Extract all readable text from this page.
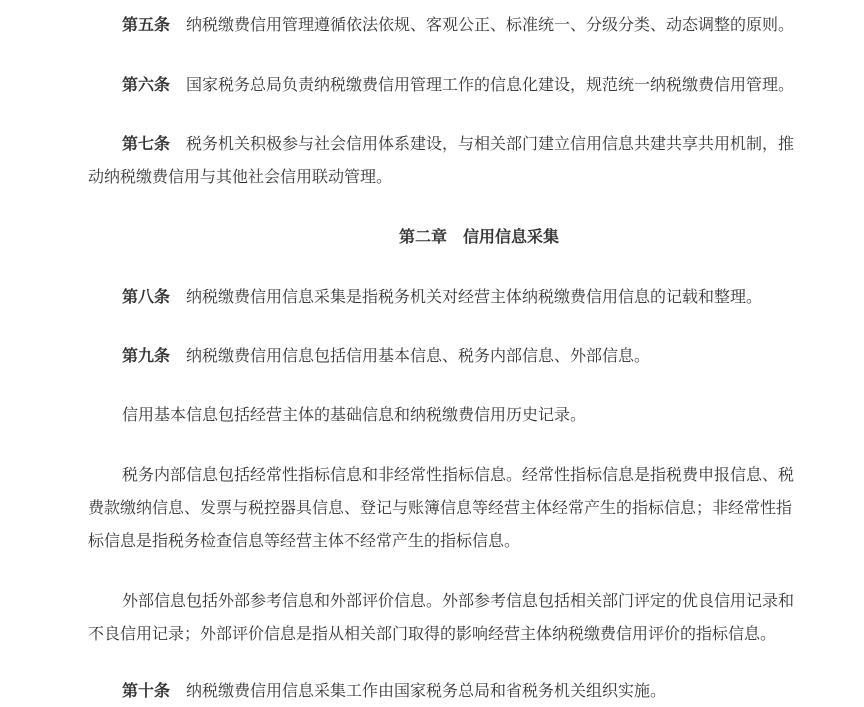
第五条 纳税缴费信用管理遵循依法依规、客观公正、标准统一、分级分类、动态调整的原则。

第六条 国家税务总局负责纳税缴费信用管理工作的信息化建设，规范统一纳税缴费信用管理。

第七条 税务机关积极参与社会信用体系建设，与相关部门建立信用信息共建共享共用机制，推动纳税缴费信用与其他社会信用联动管理。

第二章 信用信息采集

第八条 纳税缴费信用信息采集是指税务机关对经营主体纳税缴费信用信息的记载和整理。

第九条 纳税缴费信用信息包括信用基本信息、税务内部信息、外部信息。

信用基本信息包括经营主体的基础信息和纳税缴费信用历史记录。

税务内部信息包括经常性指标信息和非经常性指标信息。经常性指标信息是指税费申报信息、税费款缴纳信息、发票与税控器具信息、登记与账簿信息等经营主体经常产生的指标信息；非经常性指标信息是指税务检查信息等经营主体不经常产生的指标信息。

外部信息包括外部参考信息和外部评价信息。外部参考信息包括相关部门评定的优良信用记录和不良信用记录；外部评价信息是指从相关部门取得的影响经营主体纳税缴费信用评价的指标信息。

第十条 纳税缴费信用信息采集工作由国家税务总局和省税务机关组织实施。
